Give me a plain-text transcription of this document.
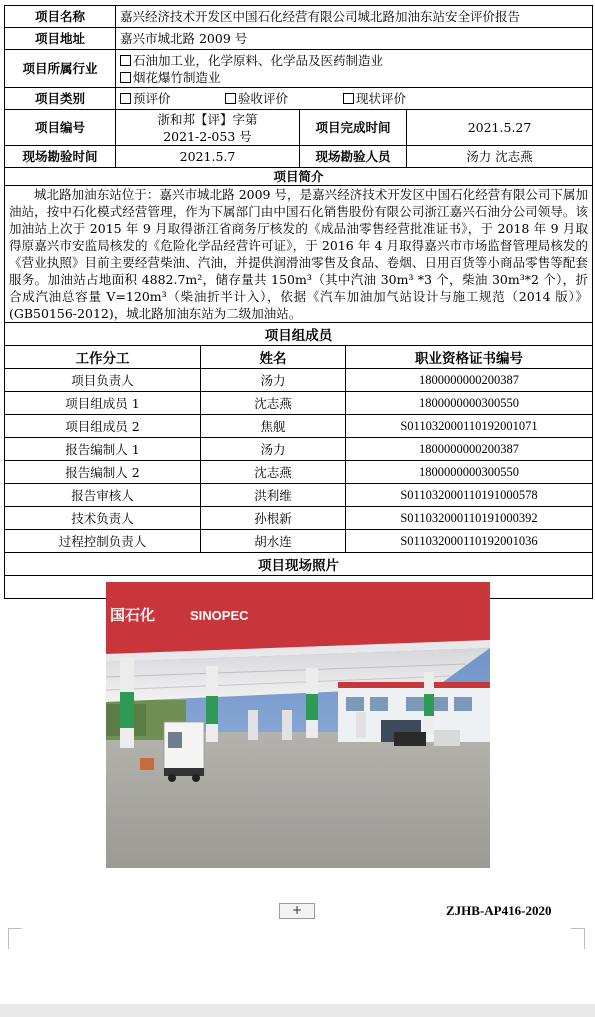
项目名称	嘉兴经济技术开发区中国石化经营有限公司城北路加油东站安全评价报告		
项目地址	嘉兴市城北路 2009 号		
项目所属行业	石油加工业，化学原料、化学品及医药制造业
烟花爆竹制造业		

项目类别	预评价 验收评价 现状评价		
项目编号	浙和邦【评】字第
2021-2-053 号	项目完成时间	2021.5.27
现场勘验时间	2021.5.7	现场勘验人员	汤力 沈志燕
项目简介			
城北路加油东站位于：嘉兴市城北路 2009 号，是嘉兴经济技术开发区中国石化经营有限公司下属加油站，按中石化模式经营管理，作为下属部门由中国石化销售股份有限公司浙江嘉兴石油分公司领导。该加油站上次于 2015 年 9 月取得浙江省商务厅核发的《成品油零售经营批准证书》，于 2018 年 9 月取得原嘉兴市安监局核发的《危险化学品经营许可证》，于 2016 年 4 月取得嘉兴市市场监督管理局核发的《营业执照》目前主要经营柴油、汽油，并提供润滑油零售及食品、卷烟、日用百货等小商品零售等配套服务。加油站占地面积 4882.7m²，储存量共 150m³（其中汽油 30m³ *3 个，柴油 30m³*2 个），折合成汽油总容量 V=120m³（柴油折半计入），依据《汽车加油加气站设计与施工规范（2014 版）》(GB50156-2012)，城北路加油东站为二级加油站。			
项目组成员		
工作分工	姓名	职业资格证书编号
项目负责人	汤力	1800000000200387
项目组成员 1	沈志燕	1800000000300550
项目组成员 2	焦舰	S011032000110192001071
报告编制人 1	汤力	1800000000200387
报告编制人 2	沈志燕	1800000000300550
报告审核人	洪利维	S011032000110191000578
技术负责人	孙根新	S011032000110191000392
过程控制负责人	胡水连	S011032000110192001036
项目现场照片		

国石化 SINOPEC		
+	ZJHB-AP416-2020
